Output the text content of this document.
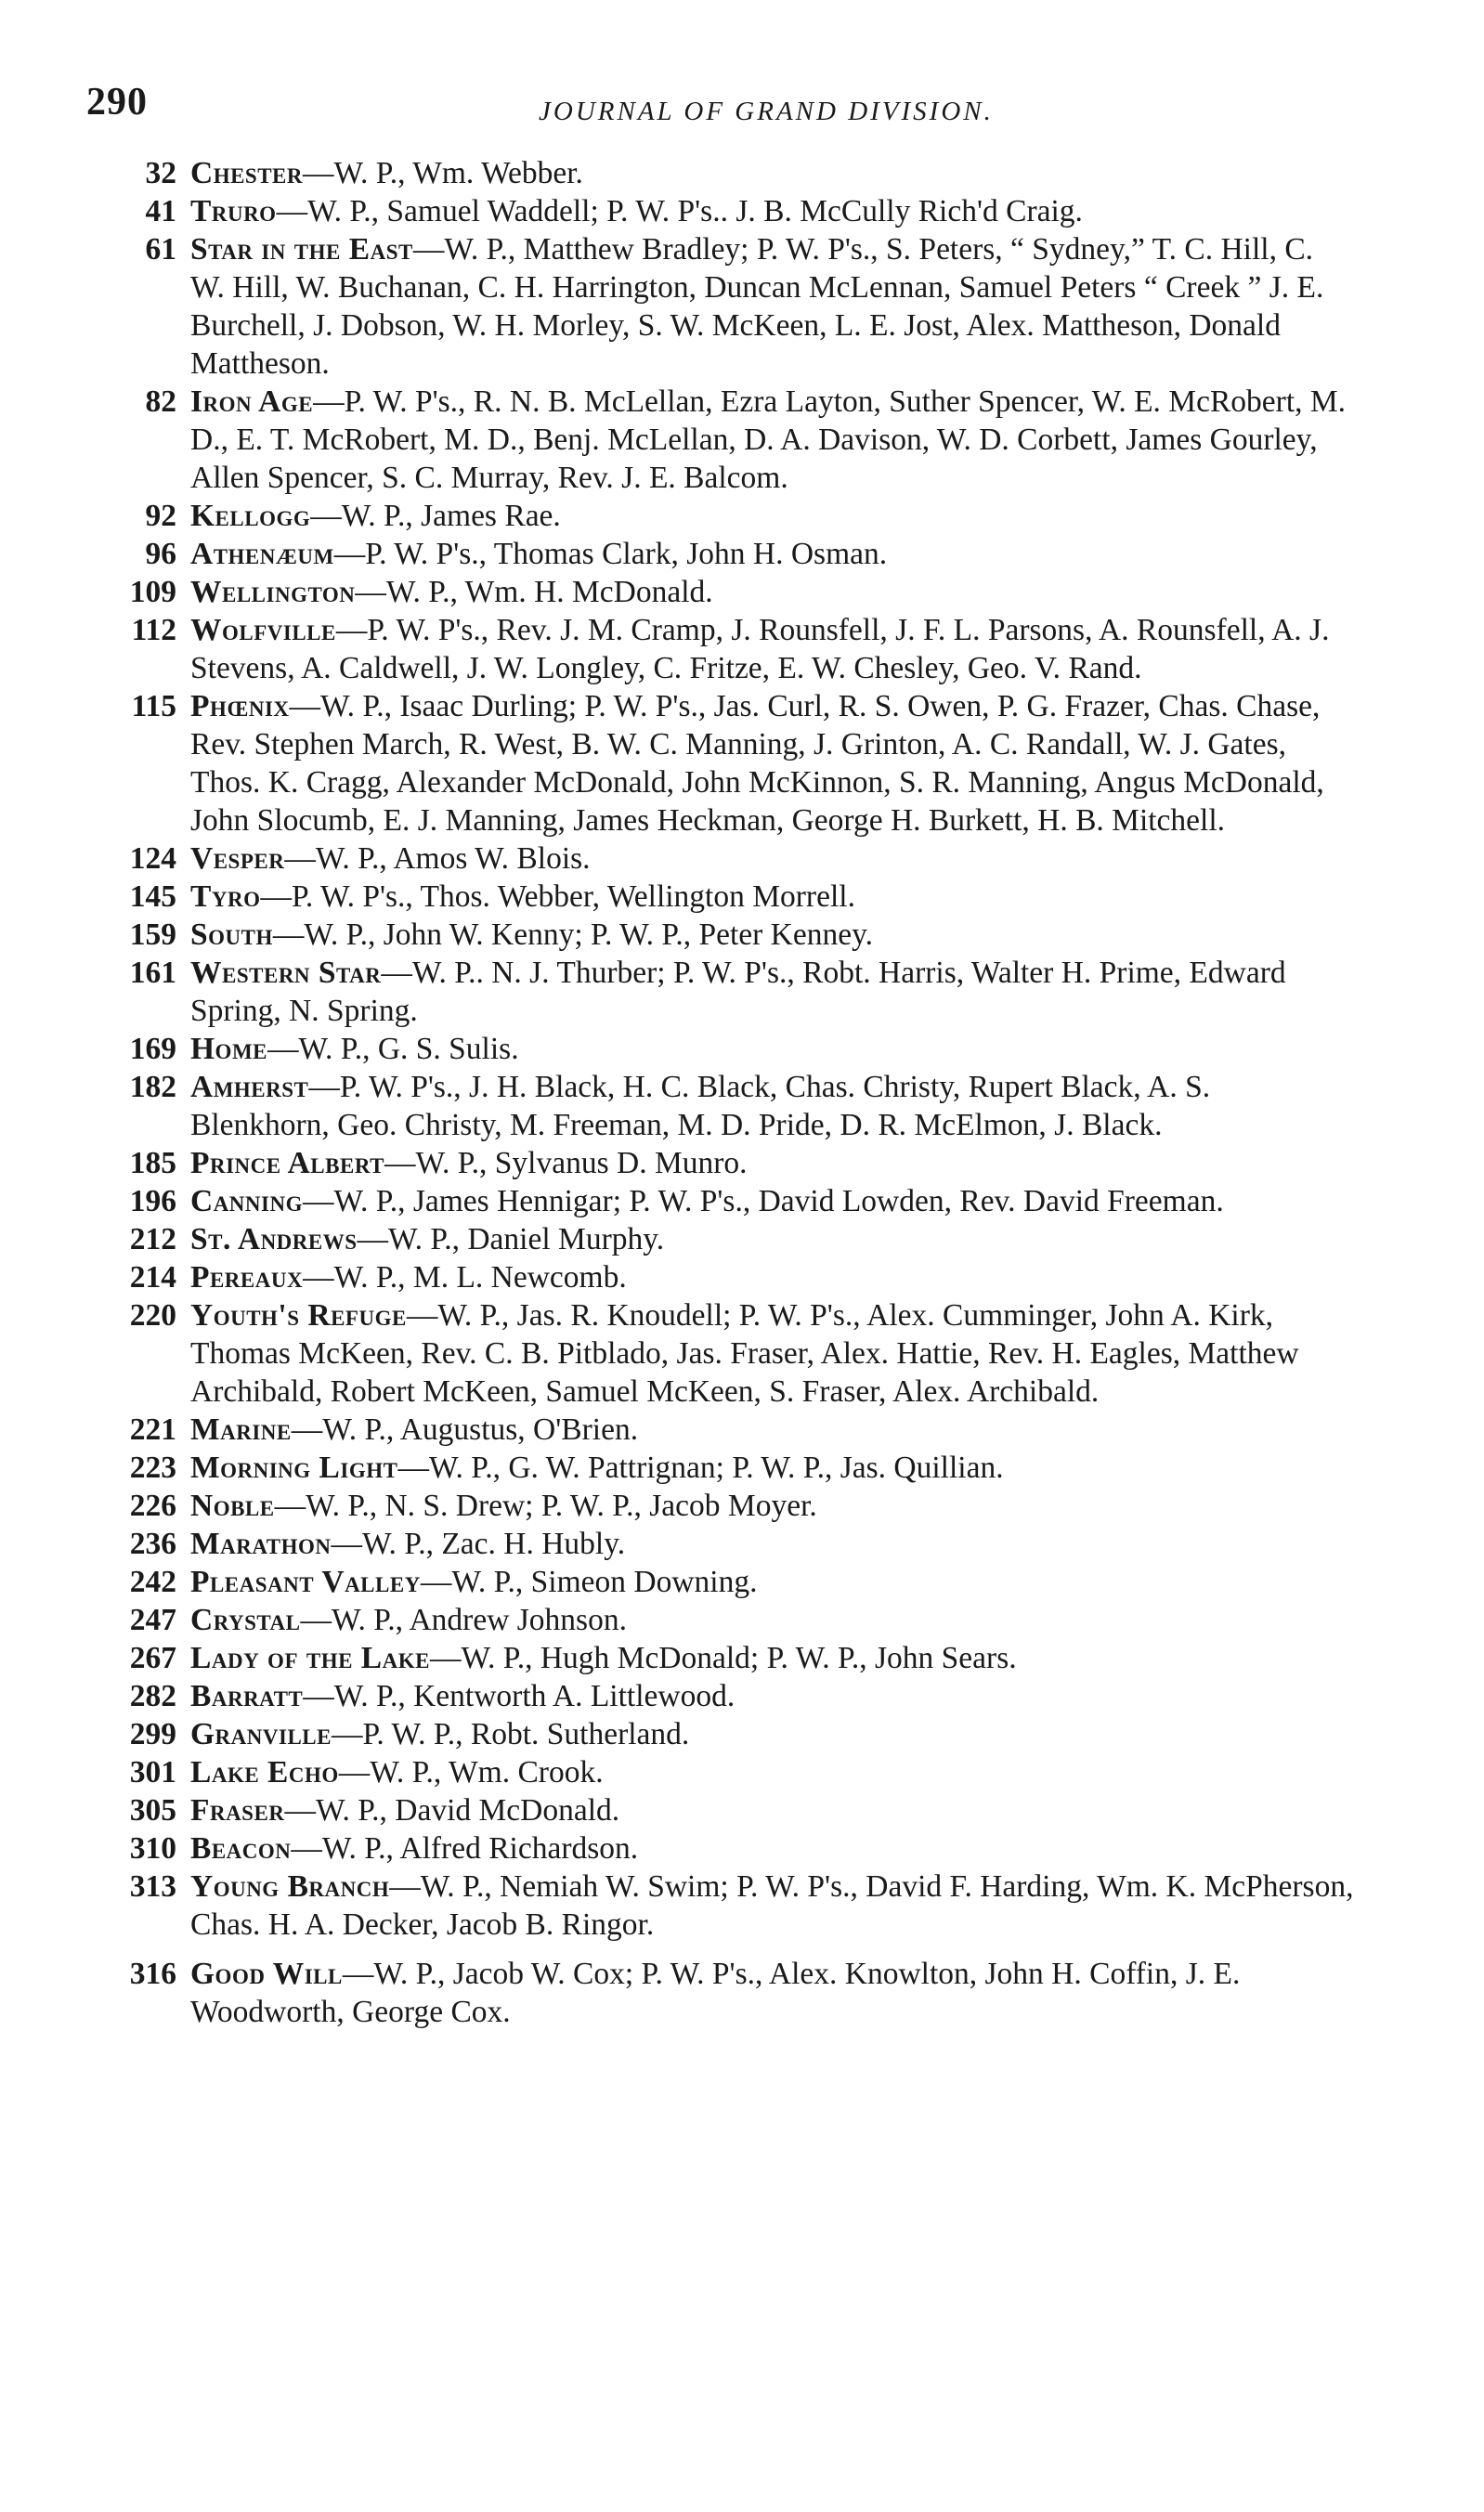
290	JOURNAL OF GRAND DIVISION.
32 Chester—W. P., Wm. Webber.
41 Truro—W. P., Samuel Waddell; P. W. P's.. J. B. McCully Rich'd Craig.
61 Star in the East—W. P., Matthew Bradley; P. W. P's., S. Peters, “ Sydney,” T. C. Hill, C. W. Hill, W. Buchanan, C. H. Harrington, Duncan McLennan, Samuel Peters “ Creek ” J. E. Burchell, J. Dobson, W. H. Morley, S. W. McKeen, L. E. Jost, Alex. Mattheson, Donald Mattheson.
82 Iron Age—P. W. P's., R. N. B. McLellan, Ezra Layton, Suther Spencer, W. E. McRobert, M. D., E. T. McRobert, M. D., Benj. McLellan, D. A. Davison, W. D. Corbett, James Gourley, Allen Spencer, S. C. Murray, Rev. J. E. Balcom.
92 Kellogg—W. P., James Rae.
96 Athenæum—P. W. P's., Thomas Clark, John H. Osman.
109 Wellington—W. P., Wm. H. McDonald.
112 Wolfville—P. W. P's., Rev. J. M. Cramp, J. Rounsfell, J. F. L. Parsons, A. Rounsfell, A. J. Stevens, A. Caldwell, J. W. Longley, C. Fritze, E. W. Chesley, Geo. V. Rand.
115 Phœnix—W. P., Isaac Durling; P. W. P's., Jas. Curl, R. S. Owen, P. G. Frazer, Chas. Chase, Rev. Stephen March, R. West, B. W. C. Manning, J. Grinton, A. C. Randall, W. J. Gates, Thos. K. Cragg, Alexander McDonald, John McKinnon, S. R. Manning, Angus McDonald, John Slocumb, E. J. Manning, James Heckman, George H. Burkett, H. B. Mitchell.
124 Vesper—W. P., Amos W. Blois.
145 Tyro—P. W. P's., Thos. Webber, Wellington Morrell.
159 South—W. P., John W. Kenny; P. W. P., Peter Kenney.
161 Western Star—W. P.. N. J. Thurber; P. W. P's., Robt. Harris, Walter H. Prime, Edward Spring, N. Spring.
169 Home—W. P., G. S. Sulis.
182 Amherst—P. W. P's., J. H. Black, H. C. Black, Chas. Christy, Rupert Black, A. S. Blenkhorn, Geo. Christy, M. Freeman, M. D. Pride, D. R. McElmon, J. Black.
185 Prince Albert—W. P., Sylvanus D. Munro.
196 Canning—W. P., James Hennigar; P. W. P's., David Lowden, Rev. David Freeman.
212 St. Andrews—W. P., Daniel Murphy.
214 Pereaux—W. P., M. L. Newcomb.
220 Youth's Refuge—W. P., Jas. R. Knoudell; P. W. P's., Alex. Cumminger, John A. Kirk, Thomas McKeen, Rev. C. B. Pitblado, Jas. Fraser, Alex. Hattie, Rev. H. Eagles, Matthew Archibald, Robert McKeen, Samuel McKeen, S. Fraser, Alex. Archibald.
221 Marine—W. P., Augustus, O'Brien.
223 Morning Light—W. P., G. W. Pattrignan; P. W. P., Jas. Quillian.
226 Noble—W. P., N. S. Drew; P. W. P., Jacob Moyer.
236 Marathon—W. P., Zac. H. Hubly.
242 Pleasant Valley—W. P., Simeon Downing.
247 Crystal—W. P., Andrew Johnson.
267 Lady of the Lake—W. P., Hugh McDonald; P. W. P., John Sears.
282 Barratt—W. P., Kentworth A. Littlewood.
299 Granville—P. W. P., Robt. Sutherland.
301 Lake Echo—W. P., Wm. Crook.
305 Fraser—W. P., David McDonald.
310 Beacon—W. P., Alfred Richardson.
313 Young Branch—W. P., Nemiah W. Swim; P. W. P's., David F. Harding, Wm. K. McPherson, Chas. H. A. Decker, Jacob B. Ringor.
316 Good Will—W. P., Jacob W. Cox; P. W. P's., Alex. Knowlton, John H. Coffin, J. E. Woodworth, George Cox.
